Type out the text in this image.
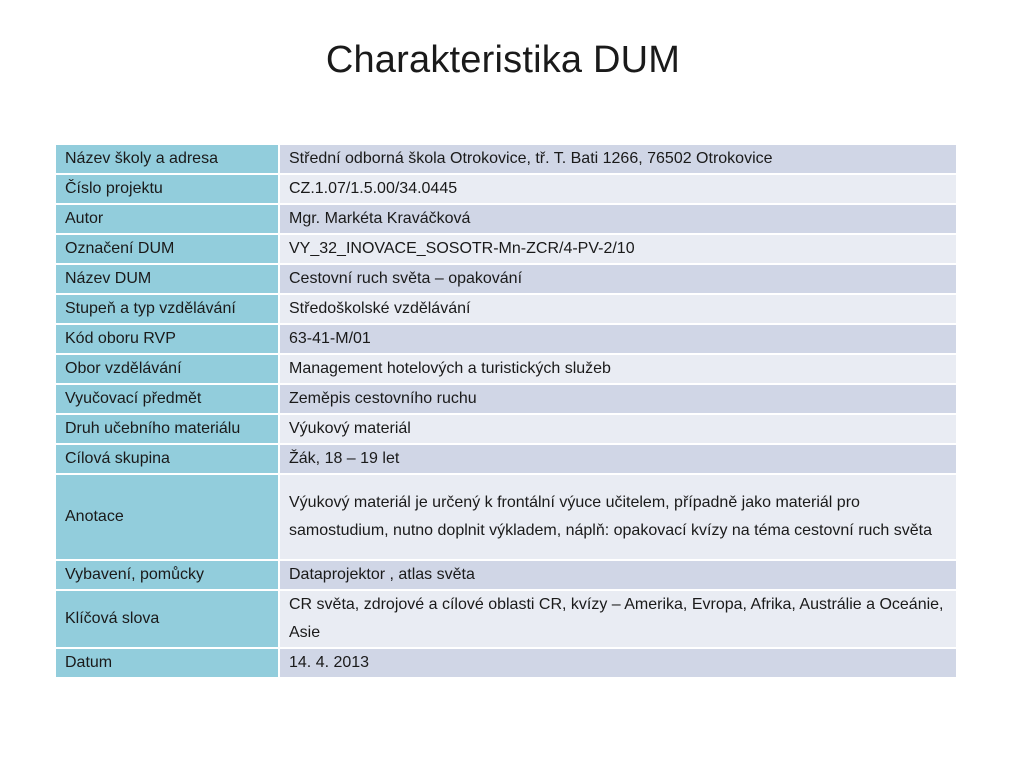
Charakteristika DUM
Název školy a adresa	Střední odborná škola Otrokovice, tř. T. Bati 1266, 76502 Otrokovice
Číslo projektu	CZ.1.07/1.5.00/34.0445
Autor	Mgr. Markéta Kraváčková
Označení DUM	VY_32_INOVACE_SOSOTR-Mn-ZCR/4-PV-2/10
Název DUM	Cestovní ruch světa – opakování
Stupeň a typ vzdělávání	Středoškolské vzdělávání
Kód oboru RVP	63-41-M/01
Obor vzdělávání	Management hotelových a turistických služeb
Vyučovací předmět	Zeměpis cestovního ruchu
Druh učebního materiálu	Výukový materiál
Cílová skupina	Žák, 18 – 19 let
Anotace	Výukový materiál je určený k frontální výuce učitelem, případně jako materiál pro samostudium, nutno doplnit výkladem, náplň: opakovací kvízy na téma cestovní ruch světa
Vybavení, pomůcky	Dataprojektor , atlas světa
Klíčová slova	CR světa, zdrojové a cílové oblasti CR, kvízy – Amerika, Evropa, Afrika, Austrálie a Oceánie, Asie
Datum	14. 4. 2013
